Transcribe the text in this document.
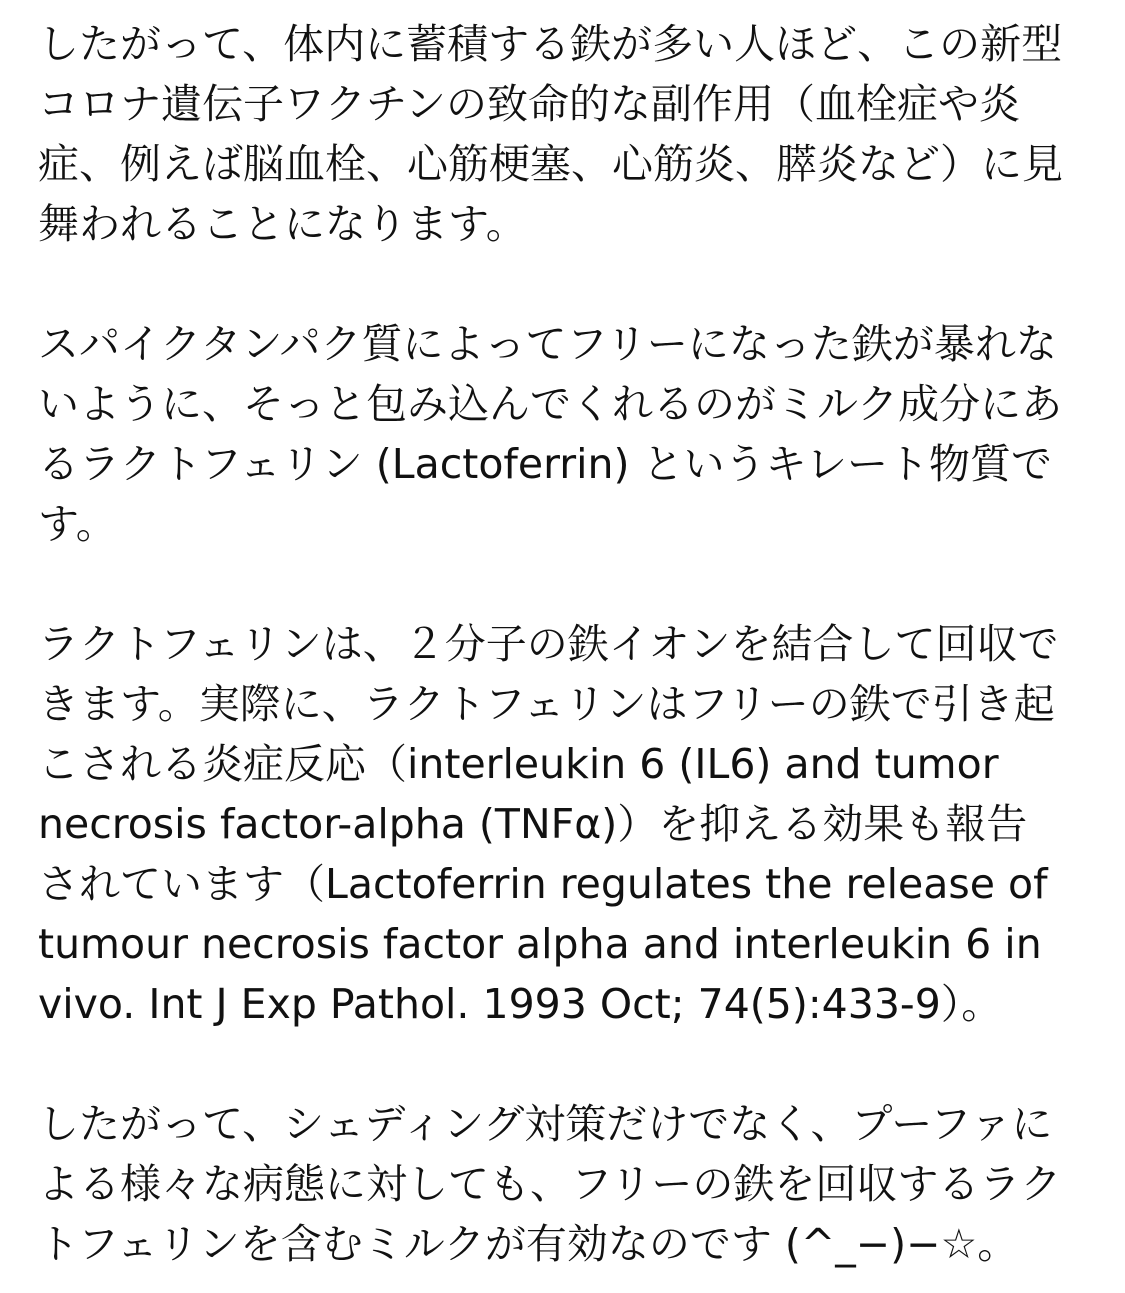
したがって、体内に蓄積する鉄が多い人ほど、この新型
コロナ遺伝子ワクチンの致命的な副作用（血栓症や炎
症、例えば脳血栓、心筋梗塞、心筋炎、膵炎など）に見
舞われることになります。
スパイクタンパク質によってフリーになった鉄が暴れな
いように、そっと包み込んでくれるのがミルク成分にあ
るラクトフェリン (Lactoferrin) というキレート物質で
す。
ラクトフェリンは、２分子の鉄イオンを結合して回収で
きます。実際に、ラクトフェリンはフリーの鉄で引き起
こされる炎症反応（interleukin 6 (IL6) and tumor
necrosis factor-alpha (TNFα)）を抑える効果も報告
されています（Lactoferrin regulates the release of
tumour necrosis factor alpha and interleukin 6 in
vivo. Int J Exp Pathol. 1993 Oct; 74(5):433-9）。
したがって、シェディング対策だけでなく、プーファに
よる様々な病態に対しても、フリーの鉄を回収するラク
トフェリンを含むミルクが有効なのです (^_−)−☆。
